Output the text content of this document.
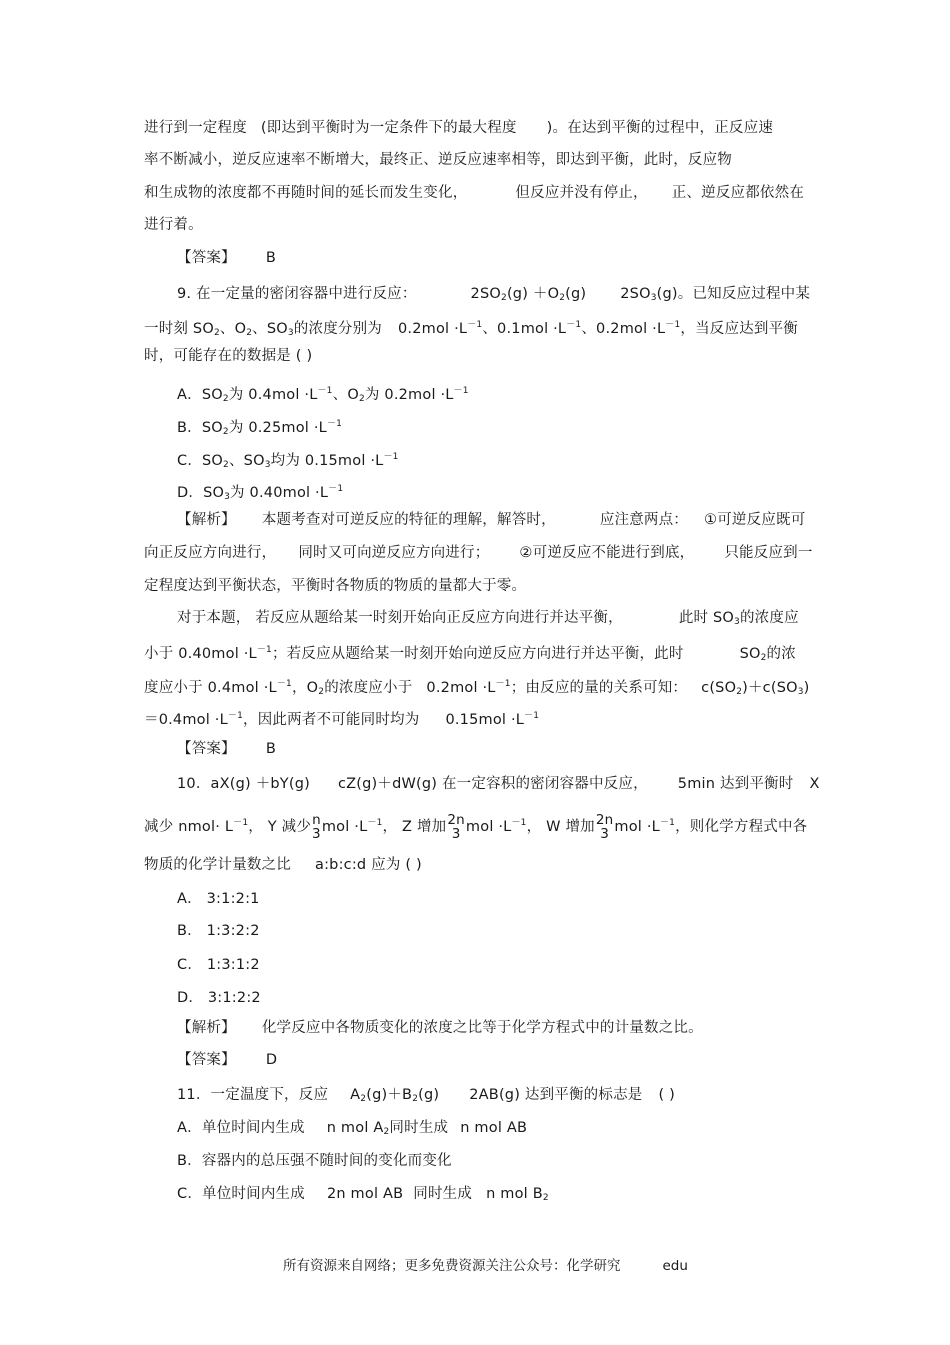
进行到一定程度 (即达到平衡时为一定条件下的最大程度 )。在达到平衡的过程中，正反应速
率不断减小，逆反应速率不断增大，最终正、逆反应速率相等，即达到平衡，此时，反应物
和生成物的浓度都不再随时间的延长而发生变化，	但反应并没有停止， 正、逆反应都依然在
进行着。
【答案】 B
9. 在一定量的密闭容器中进行反应：	$2SO_2(g) +O_2(g)$ $2SO_3(g)$。已知反应过程中某
一时刻 $SO_2$、$O_2$、$SO_3$的浓度分别为 $0.2mol \cdot L^{-1}$、$0.1mol \cdot L^{-1}$、$0.2mol \cdot L^{-1}$，当反应达到平衡
时，可能存在的数据是 ( )
A．$SO_2$为 $0.4mol \cdot L^{-1}$、$O_2$为 $0.2mol \cdot L^{-1}$
B．$SO_2$为 $0.25mol \cdot L^{-1}$
C．$SO_2$、$SO_3$均为 $0.15mol \cdot L^{-1}$
D．$SO_3$为 $0.40mol \cdot L^{-1}$
【解析】 本题考查对可逆反应的特征的理解，解答时，	应注意两点： ①可逆反应既可
向正反应方向进行， 同时又可向逆反应方向进行； ②可逆反应不能进行到底， 只能反应到一
定程度达到平衡状态，平衡时各物质的物质的量都大于零。
对于本题， 若反应从题给某一时刻开始向正反应方向进行并达平衡，	此时 $SO_3$的浓度应
小于 $0.40mol \cdot L^{-1}$；若反应从题给某一时刻开始向逆反应方向进行并达平衡，此时	$SO_2$的浓
度应小于 $0.4mol \cdot L^{-1}$，$O_2$的浓度应小于 $0.2mol \cdot L^{-1}$；由反应的量的关系可知： $c(SO_2)+c(SO_3)$
$=0.4mol \cdot L^{-1}$，因此两者不可能同时均为 $0.15mol \cdot L^{-1}$
【答案】 B
10．aX(g) ＋bY(g) cZ(g)＋dW(g) 在一定容积的密闭容器中反应， 5min 达到平衡时 X
减少 nmol· $L^{-1}$， Y 减少 n
3 mol $\cdot L^{-1}$， Z 增加 2n
3 mol $\cdot L^{-1}$， W 增加 2n
3 mol $\cdot L^{-1}$，则化学方程式中各
物质的化学计量数之比 a:b:c:d 应为 ( )
A． 3:1:2:1
B． 1:3:2:2
C． 1:3:1:2
D． 3:1:2:2
【解析】 化学反应中各物质变化的浓度之比等于化学方程式中的计量数之比。
【答案】 D
11．一定温度下，反应 $A_2(g)+B_2(g)$ 2AB(g) 达到平衡的标志是 ( )
A．单位时间内生成 n mol $A_2$同时生成 n mol AB
B．容器内的总压强不随时间的变化而变化
C．单位时间内生成 2n mol AB 同时生成 n mol $B_2$
所有资源来自网络；更多免费资源关注公众号：化学研究	edu
